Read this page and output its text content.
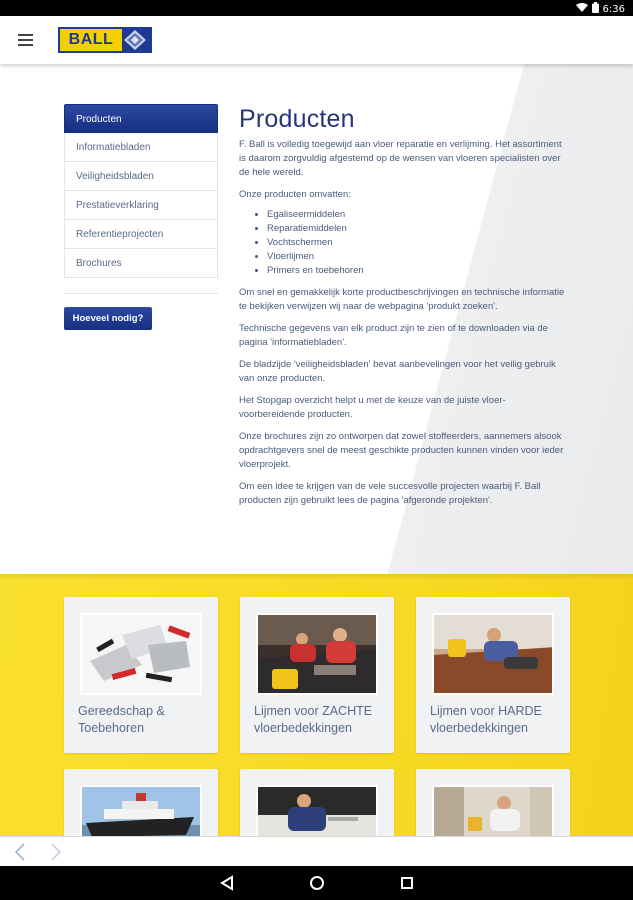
6:36
BALL
Producten
Informatiebladen
Veiligheidsbladen
Prestatieverklaring
Referentieprojecten
Brochures
Hoeveel nodig?
Producten

F. Ball is volledig toegewijd aan vloer reparatie en verlijming. Het assortiment is daarom zorgvuldig afgestemd op de wensen van vloeren specialisten over de hele wereld.

Onze producten omvatten:

• Egaliseermiddelen
• Reparatiemiddelen
• Vochtschermen
• Vloerlijmen
• Primers en toebehoren

Om snel en gemakkelijk korte productbeschrijvingen en technische informatie te bekijken verwijzen wij naar de webpagina 'produkt zoeken'.

Technische gegevens van elk product zijn te zien of te downloaden via de pagina 'informatiebladen'.

De bladzijde 'veiligheidsbladen' bevat aanbevelingen voor het veilig gebruik van onze producten.

Het Stopgap overzicht helpt u met de keuze van de juiste vloer-voorbereidende producten.

Onze brochures zijn zo ontworpen dat zowel stoffeerders, aannemers alsook opdrachtgevers snel de meest geschikte producten kunnen vinden voor ieder vloerprojekt.

Om een idee te krijgen van de vele succesvolle projecten waarbij F. Ball producten zijn gebruikt lees de pagina 'afgeronde projekten'.

Gereedschap & Toebehoren
Lijmen voor ZACHTE vloerbedekkingen
Lijmen voor HARDE vloerbedekkingen
